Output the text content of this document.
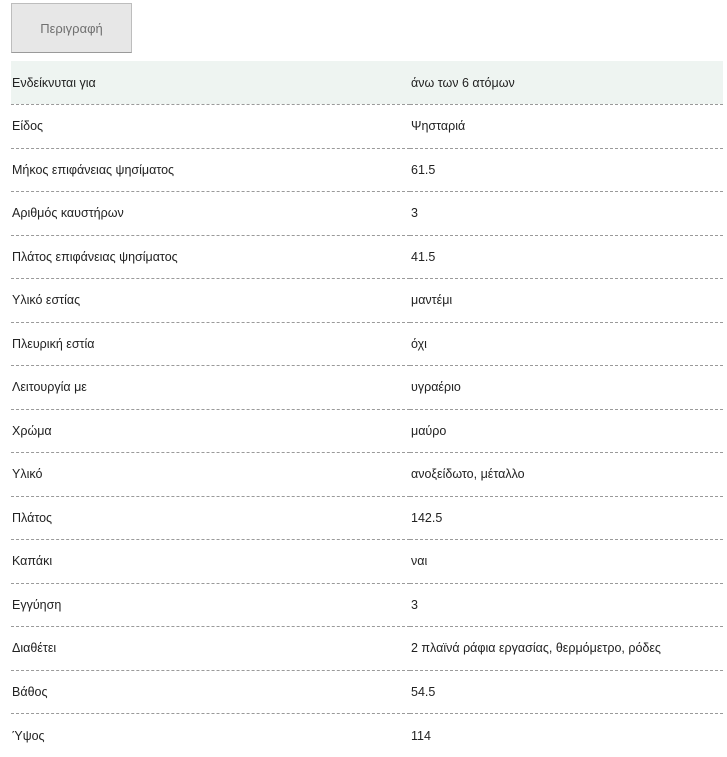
Περιγραφή
Ενδείκνυται για	άνω των 6 ατόμων
Είδος	Ψησταριά
Μήκος επιφάνειας ψησίματος	61.5
Αριθμός καυστήρων	3
Πλάτος επιφάνειας ψησίματος	41.5
Υλικό εστίας	μαντέμι
Πλευρική εστία	όχι
Λειτουργία με	υγραέριο
Χρώμα	μαύρο
Υλικό	ανοξείδωτο, μέταλλο
Πλάτος	142.5
Καπάκι	ναι
Εγγύηση	3
Διαθέτει	2 πλαϊνά ράφια εργασίας, θερμόμετρο, ρόδες
Βάθος	54.5
Ύψος	114
